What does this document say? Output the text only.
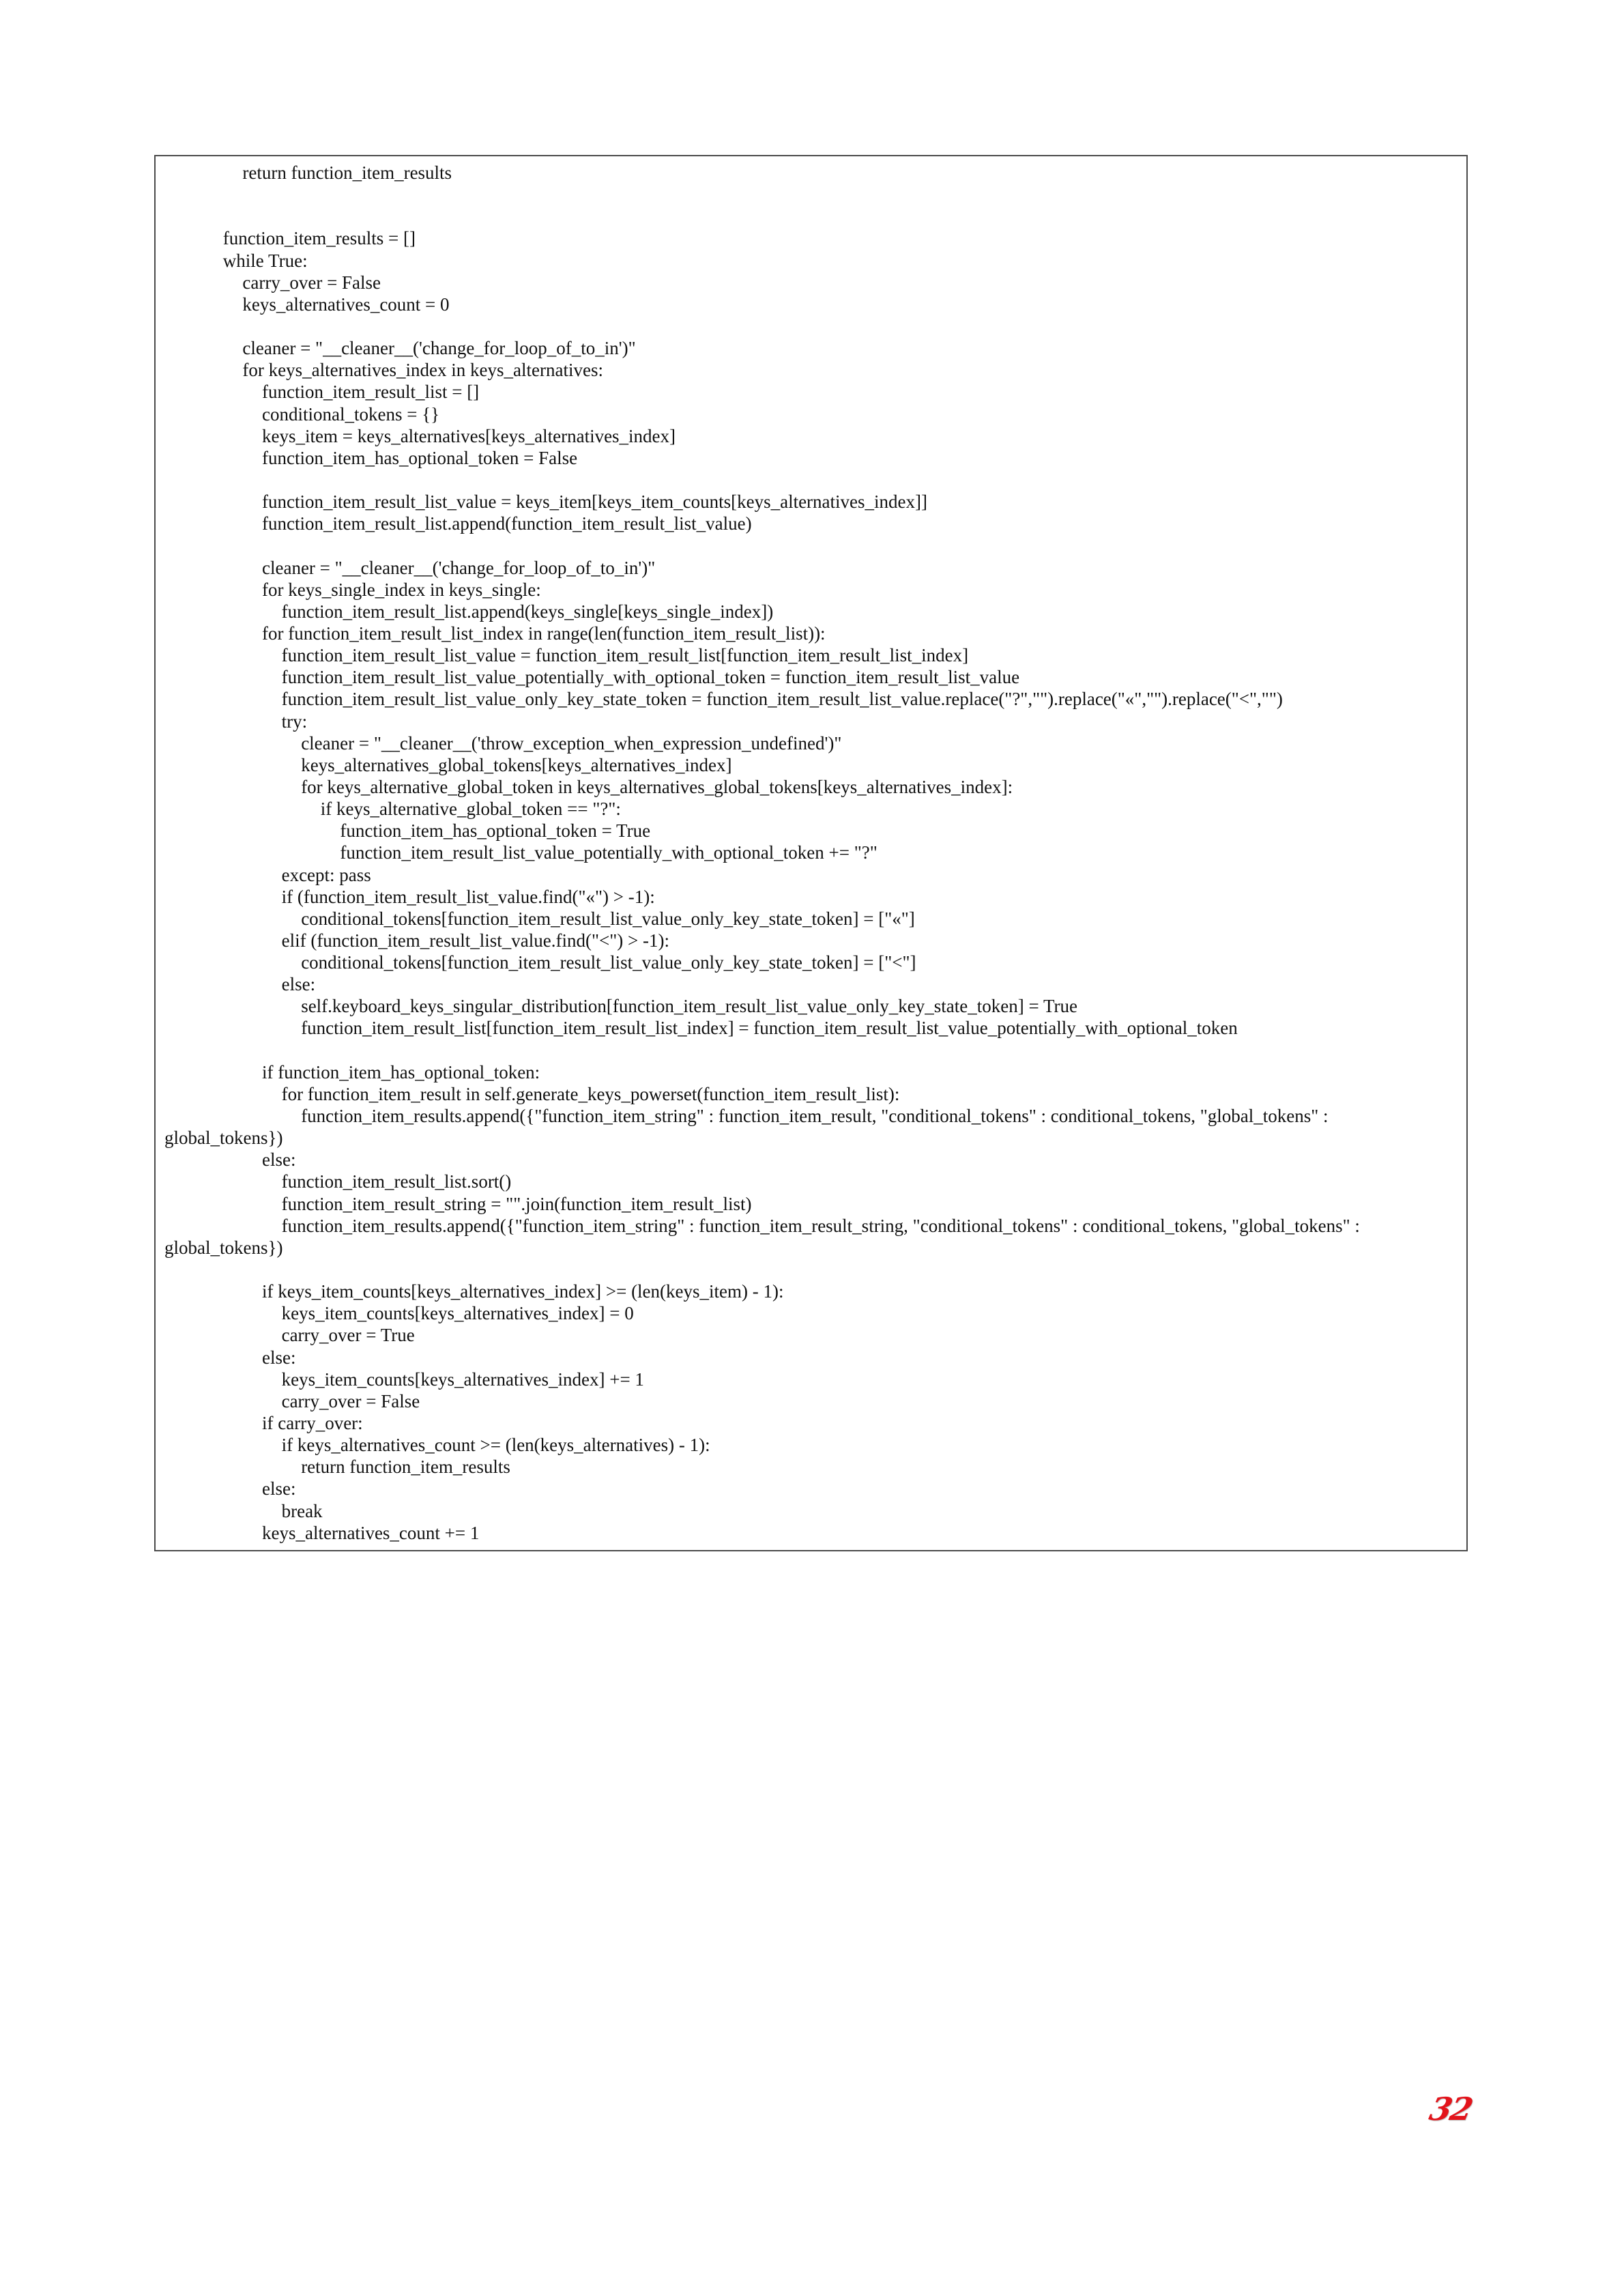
return function_item_results
function_item_results = []
while True:
carry_over = False
keys_alternatives_count = 0
cleaner = "__cleaner__('change_for_loop_of_to_in')"
for keys_alternatives_index in keys_alternatives:
function_item_result_list = []
conditional_tokens = {}
keys_item = keys_alternatives[keys_alternatives_index]
function_item_has_optional_token = False
function_item_result_list_value = keys_item[keys_item_counts[keys_alternatives_index]]
function_item_result_list.append(function_item_result_list_value)
cleaner = "__cleaner__('change_for_loop_of_to_in')"
for keys_single_index in keys_single:
function_item_result_list.append(keys_single[keys_single_index])
for function_item_result_list_index in range(len(function_item_result_list)):
function_item_result_list_value = function_item_result_list[function_item_result_list_index]
function_item_result_list_value_potentially_with_optional_token = function_item_result_list_value
function_item_result_list_value_only_key_state_token = function_item_result_list_value.replace("?","").replace("«","").replace("<","")
try:
cleaner = "__cleaner__('throw_exception_when_expression_undefined')"
keys_alternatives_global_tokens[keys_alternatives_index]
for keys_alternative_global_token in keys_alternatives_global_tokens[keys_alternatives_index]:
if keys_alternative_global_token == "?":
function_item_has_optional_token = True
function_item_result_list_value_potentially_with_optional_token += "?"
except: pass
if (function_item_result_list_value.find("«") > -1):
conditional_tokens[function_item_result_list_value_only_key_state_token] = ["«"]
elif (function_item_result_list_value.find("<") > -1):
conditional_tokens[function_item_result_list_value_only_key_state_token] = ["<"]
else:
self.keyboard_keys_singular_distribution[function_item_result_list_value_only_key_state_token] = True
function_item_result_list[function_item_result_list_index] = function_item_result_list_value_potentially_with_optional_token
if function_item_has_optional_token:
for function_item_result in self.generate_keys_powerset(function_item_result_list):
function_item_results.append({"function_item_string" : function_item_result, "conditional_tokens" : conditional_tokens, "global_tokens" :
global_tokens})
else:
function_item_result_list.sort()
function_item_result_string = "".join(function_item_result_list)
function_item_results.append({"function_item_string" : function_item_result_string, "conditional_tokens" : conditional_tokens, "global_tokens" :
global_tokens})
if keys_item_counts[keys_alternatives_index] >= (len(keys_item) - 1):
keys_item_counts[keys_alternatives_index] = 0
carry_over = True
else:
keys_item_counts[keys_alternatives_index] += 1
carry_over = False
if carry_over:
if keys_alternatives_count >= (len(keys_alternatives) - 1):
return function_item_results
else:
break
keys_alternatives_count += 1
32
